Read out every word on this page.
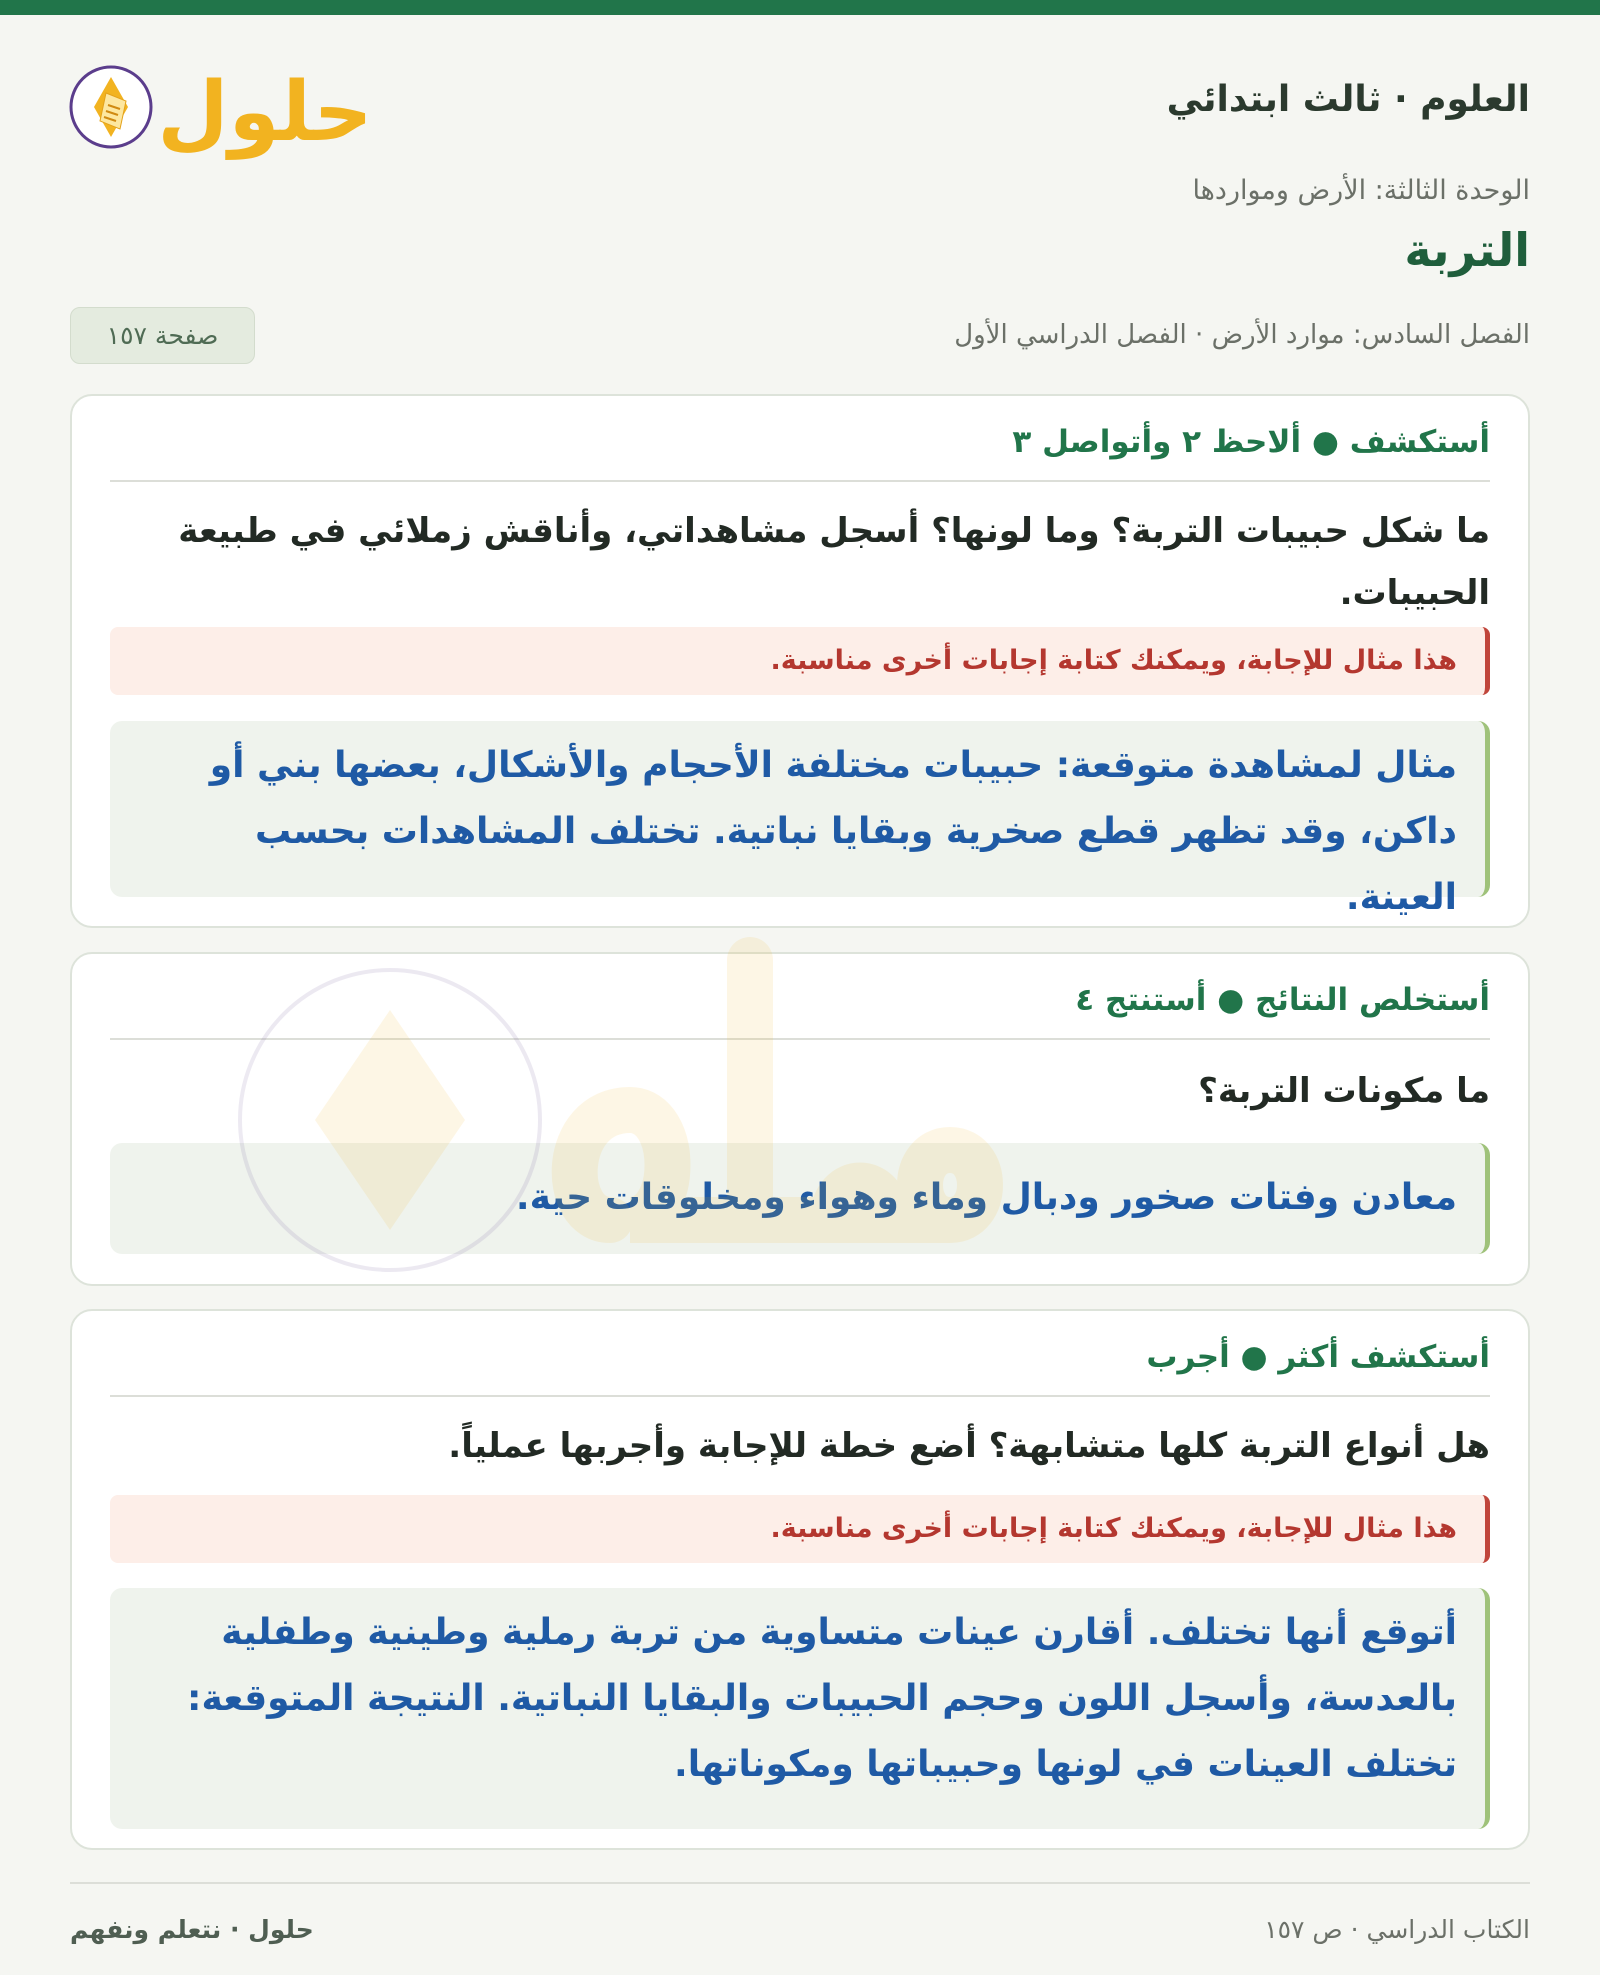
العلوم · ثالث ابتدائي
حلول
الوحدة الثالثة: الأرض ومواردها
التربة
الفصل السادس: موارد الأرض · الفصل الدراسي الأول
صفحة ١٥٧
أستكشف ● ألاحظ ٢ وأتواصل ٣
ما شكل حبيبات التربة؟ وما لونها؟ أسجل مشاهداتي، وأناقش زملائي في طبيعة الحبيبات.
هذا مثال للإجابة، ويمكنك كتابة إجابات أخرى مناسبة.
مثال لمشاهدة متوقعة: حبيبات مختلفة الأحجام والأشكال، بعضها بني أو داكن، وقد تظهر قطع صخرية وبقايا نباتية. تختلف المشاهدات بحسب العينة.
أستخلص النتائج ● أستنتج ٤
ما مكونات التربة؟
معادن وفتات صخور ودبال وماء وهواء ومخلوقات حية.
أستكشف أكثر ● أجرب
هل أنواع التربة كلها متشابهة؟ أضع خطة للإجابة وأجربها عملياً.
هذا مثال للإجابة، ويمكنك كتابة إجابات أخرى مناسبة.
أتوقع أنها تختلف. أقارن عينات متساوية من تربة رملية وطينية وطفلية بالعدسة، وأسجل اللون وحجم الحبيبات والبقايا النباتية. النتيجة المتوقعة: تختلف العينات في لونها وحبيباتها ومكوناتها.
الكتاب الدراسي · ص ١٥٧
حلول · نتعلم ونفهم
